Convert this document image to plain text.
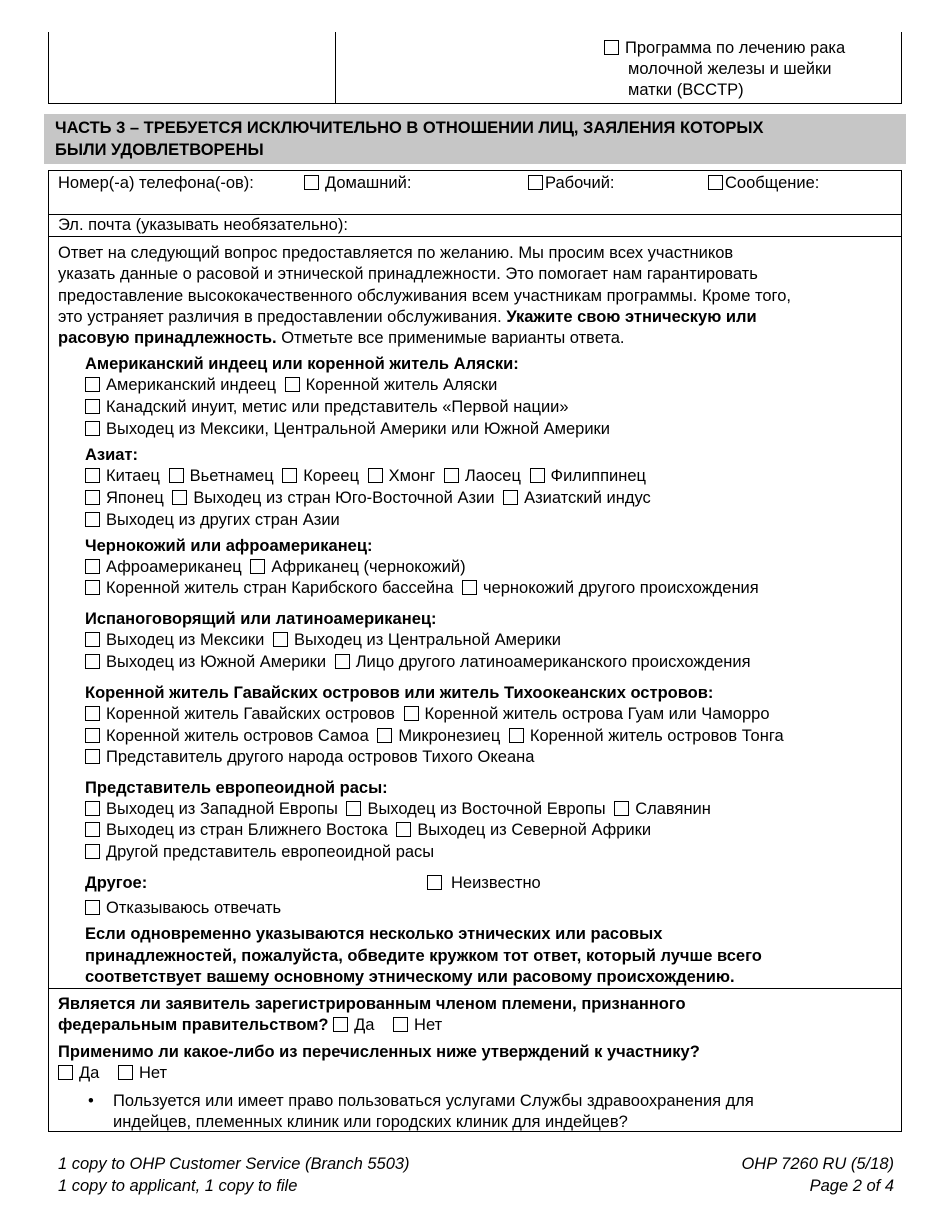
Программа по лечению рака
молочной железы и шейки
матки (BCCTP)
ЧАСТЬ 3 – ТРЕБУЕТСЯ ИСКЛЮЧИТЕЛЬНО В ОТНОШЕНИИ ЛИЦ, ЗАЯЛЕНИЯ КОТОРЫХ
БЫЛИ УДОВЛЕТВОРЕНЫ
Номер(-а) телефона(-ов):	Домашний:	Рабочий:	Сообщение:
Эл. почта (указывать необязательно):
Ответ на следующий вопрос предоставляется по желанию. Мы просим всех участников
указать данные о расовой и этнической принадлежности. Это помогает нам гарантировать
предоставление высококачественного обслуживания всем участникам программы. Кроме того,
это устраняет различия в предоставлении обслуживания. Укажите свою этническую или
расовую принадлежность. Отметьте все применимые варианты ответа.
Американский индеец или коренной житель Аляски:
Американский индеец Коренной житель Аляски
Канадский инуит, метис или представитель «Первой нации»
Выходец из Мексики, Центральной Америки или Южной Америки
Азиат:
Китаец Вьетнамец Кореец Хмонг Лаосец Филиппинец
Японец Выходец из стран Юго-Восточной Азии Азиатский индус
Выходец из других стран Азии
Чернокожий или афроамериканец:
Афроамериканец Африканец (чернокожий)
Коренной житель стран Карибского бассейна чернокожий другого происхождения
Испаноговорящий или латиноамериканец:
Выходец из Мексики Выходец из Центральной Америки
Выходец из Южной Америки Лицо другого латиноамериканского происхождения
Коренной житель Гавайских островов или житель Тихоокеанских островов:
Коренной житель Гавайских островов Коренной житель острова Гуам или Чаморро
Коренной житель островов Самоа Микронезиец Коренной житель островов Тонга
Представитель другого народа островов Тихого Океана
Представитель европеоидной расы:
Выходец из Западной Европы Выходец из Восточной Европы Славянин
Выходец из стран Ближнего Востока Выходец из Северной Африки
Другой представитель европеоидной расы
Другое:	Неизвестно
Отказываюсь отвечать
Если одновременно указываются несколько этнических или расовых
принадлежностей, пожалуйста, обведите кружком тот ответ, который лучше всего
соответствует вашему основному этническому или расовому происхождению.
Является ли заявитель зарегистрированным членом племени, признанного
федеральным правительством? Да Нет
Применимо ли какое-либо из перечисленных ниже утверждений к участнику?
Да Нет
• Пользуется или имеет право пользоваться услугами Службы здравоохранения для
индейцев, племенных клиник или городских клиник для индейцев?
1 copy to OHP Customer Service (Branch 5503)
1 copy to applicant, 1 copy to file
OHP 7260 RU (5/18)
Page 2 of 4
